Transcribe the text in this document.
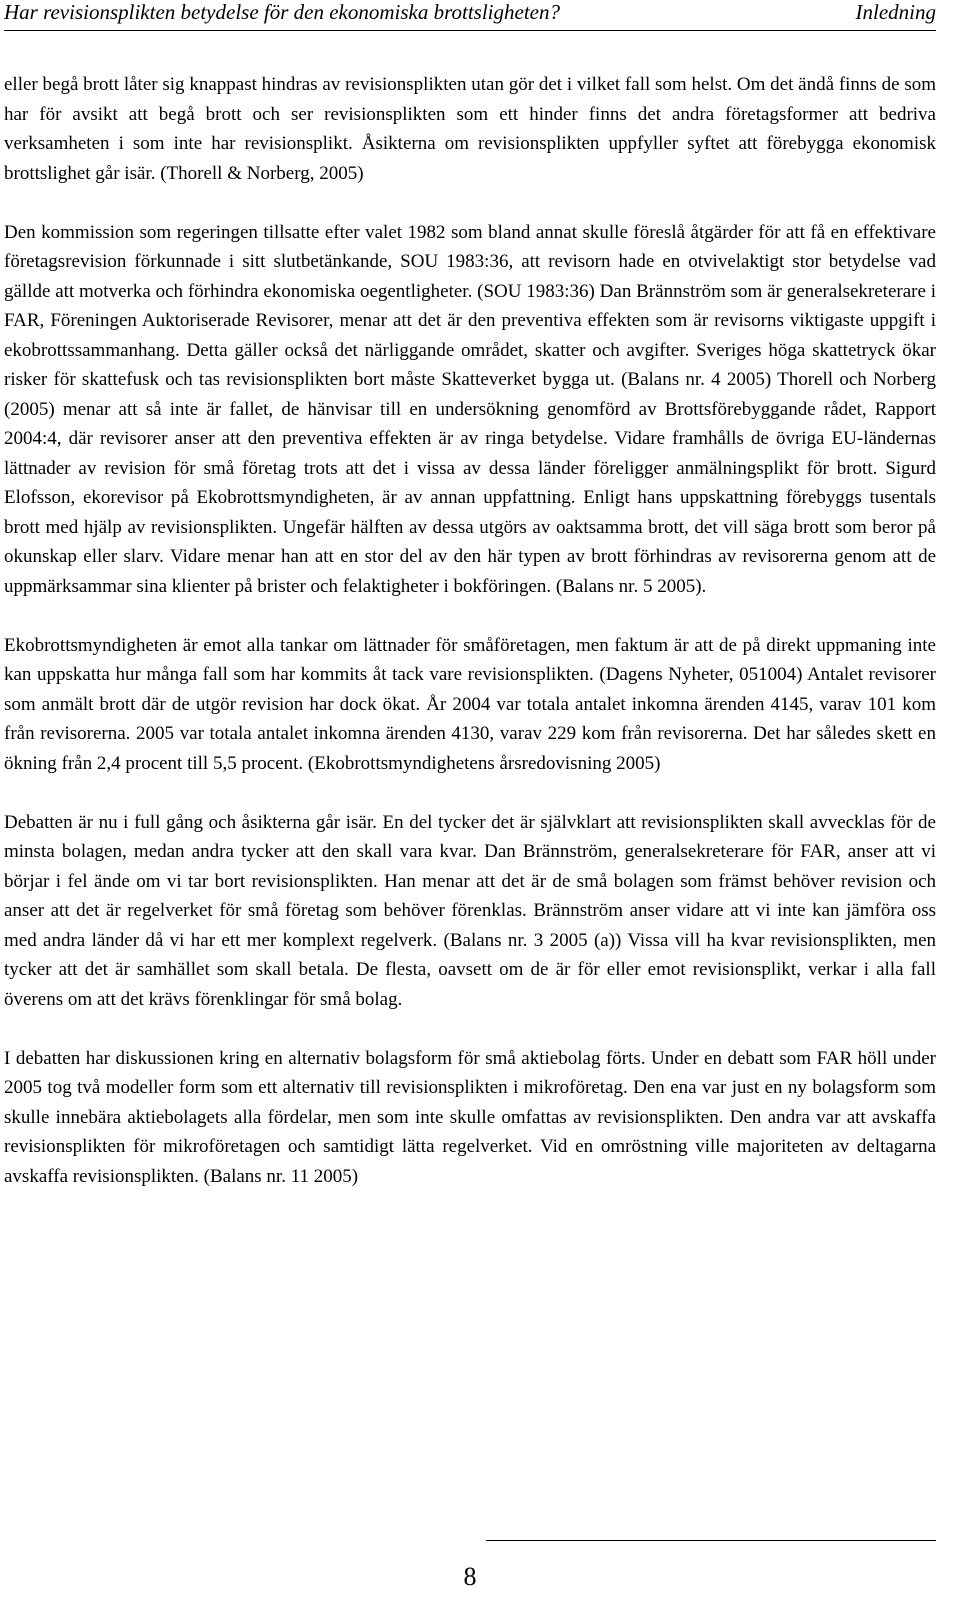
Har revisionsplikten betydelse för den ekonomiska brottsligheten?	Inledning

eller begå brott låter sig knappast hindras av revisionsplikten utan gör det i vilket fall som helst. Om det ändå finns de som har för avsikt att begå brott och ser revisionsplikten som ett hinder finns det andra företagsformer att bedriva verksamheten i som inte har revisionsplikt. Åsikterna om revisionsplikten uppfyller syftet att förebygga ekonomisk brottslighet går isär. (Thorell & Norberg, 2005)

Den kommission som regeringen tillsatte efter valet 1982 som bland annat skulle föreslå åtgärder för att få en effektivare företagsrevision förkunnade i sitt slutbetänkande, SOU 1983:36, att revisorn hade en otvivelaktigt stor betydelse vad gällde att motverka och förhindra ekonomiska oegentligheter. (SOU 1983:36) Dan Brännström som är generalsekreterare i FAR, Föreningen Auktoriserade Revisorer, menar att det är den preventiva effekten som är revisorns viktigaste uppgift i ekobrottssammanhang. Detta gäller också det närliggande området, skatter och avgifter. Sveriges höga skattetryck ökar risker för skattefusk och tas revisionsplikten bort måste Skatteverket bygga ut. (Balans nr. 4 2005) Thorell och Norberg (2005) menar att så inte är fallet, de hänvisar till en undersökning genomförd av Brottsförebyggande rådet, Rapport 2004:4, där revisorer anser att den preventiva effekten är av ringa betydelse. Vidare framhålls de övriga EU-ländernas lättnader av revision för små företag trots att det i vissa av dessa länder föreligger anmälningsplikt för brott. Sigurd Elofsson, ekorevisor på Ekobrottsmyndigheten, är av annan uppfattning. Enligt hans uppskattning förebyggs tusentals brott med hjälp av revisionsplikten. Ungefär hälften av dessa utgörs av oaktsamma brott, det vill säga brott som beror på okunskap eller slarv. Vidare menar han att en stor del av den här typen av brott förhindras av revisorerna genom att de uppmärksammar sina klienter på brister och felaktigheter i bokföringen. (Balans nr. 5 2005).

Ekobrottsmyndigheten är emot alla tankar om lättnader för småföretagen, men faktum är att de på direkt uppmaning inte kan uppskatta hur många fall som har kommits åt tack vare revisionsplikten. (Dagens Nyheter, 051004) Antalet revisorer som anmält brott där de utgör revision har dock ökat. År 2004 var totala antalet inkomna ärenden 4145, varav 101 kom från revisorerna. 2005 var totala antalet inkomna ärenden 4130, varav 229 kom från revisorerna. Det har således skett en ökning från 2,4 procent till 5,5 procent. (Ekobrottsmyndighetens årsredovisning 2005)

Debatten är nu i full gång och åsikterna går isär. En del tycker det är självklart att revisionsplikten skall avvecklas för de minsta bolagen, medan andra tycker att den skall vara kvar. Dan Brännström, generalsekreterare för FAR, anser att vi börjar i fel ände om vi tar bort revisionsplikten. Han menar att det är de små bolagen som främst behöver revision och anser att det är regelverket för små företag som behöver förenklas. Brännström anser vidare att vi inte kan jämföra oss med andra länder då vi har ett mer komplext regelverk. (Balans nr. 3 2005 (a)) Vissa vill ha kvar revisionsplikten, men tycker att det är samhället som skall betala. De flesta, oavsett om de är för eller emot revisionsplikt, verkar i alla fall överens om att det krävs förenklingar för små bolag.

I debatten har diskussionen kring en alternativ bolagsform för små aktiebolag förts. Under en debatt som FAR höll under 2005 tog två modeller form som ett alternativ till revisionsplikten i mikroföretag. Den ena var just en ny bolagsform som skulle innebära aktiebolagets alla fördelar, men som inte skulle omfattas av revisionsplikten. Den andra var att avskaffa revisionsplikten för mikroföretagen och samtidigt lätta regelverket. Vid en omröstning ville majoriteten av deltagarna avskaffa revisionsplikten. (Balans nr. 11 2005)

8
